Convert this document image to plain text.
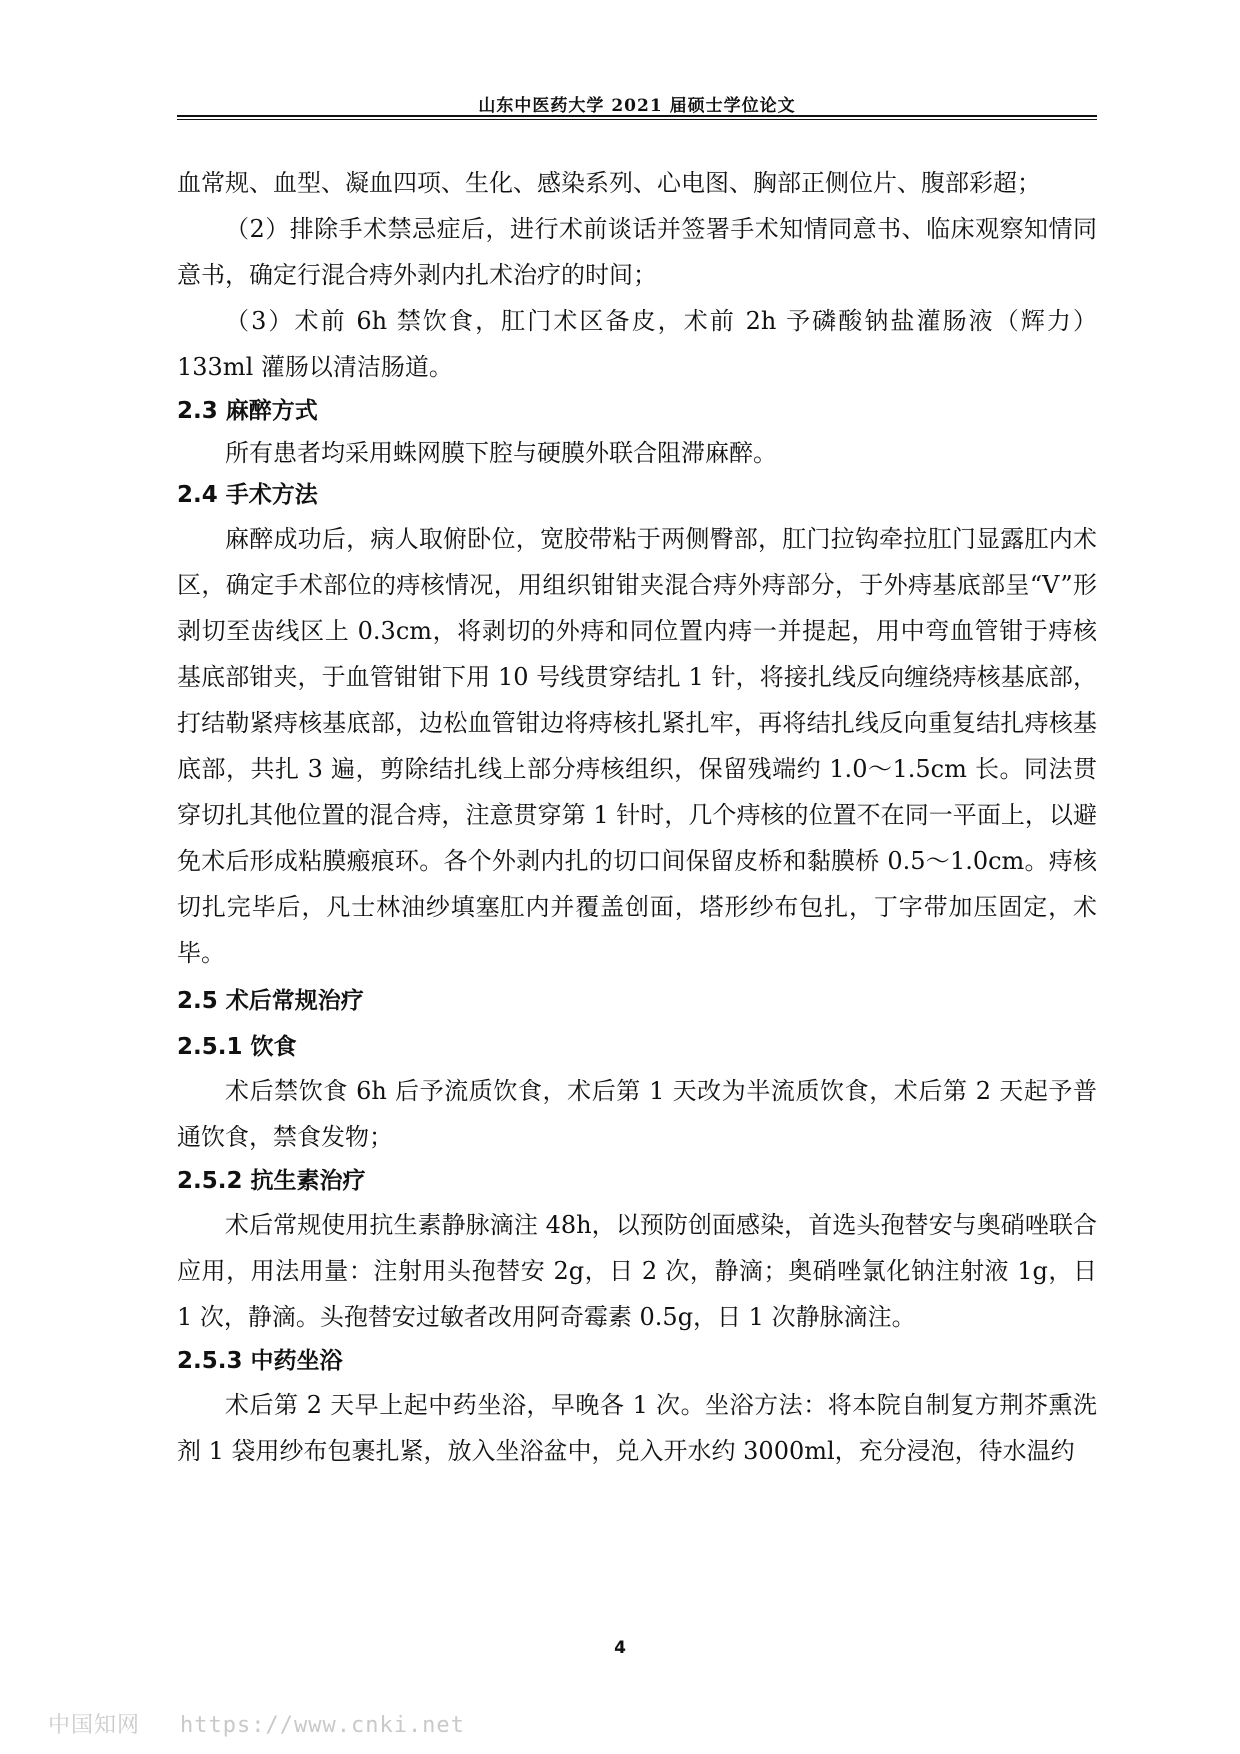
山东中医药大学 2021 届硕士学位论文

血常规、血型、凝血四项、生化、感染系列、心电图、胸部正侧位片、腹部彩超；

（2）排除手术禁忌症后，进行术前谈话并签署手术知情同意书、临床观察知情同意书，确定行混合痔外剥内扎术治疗的时间；

（3）术前 6h 禁饮食，肛门术区备皮，术前 2h 予磷酸钠盐灌肠液（辉力）133ml 灌肠以清洁肠道。

2.3 麻醉方式

所有患者均采用蛛网膜下腔与硬膜外联合阻滞麻醉。

2.4 手术方法

麻醉成功后，病人取俯卧位，宽胶带粘于两侧臀部，肛门拉钩牵拉肛门显露肛内术区，确定手术部位的痔核情况，用组织钳钳夹混合痔外痔部分，于外痔基底部呈“V”形剥切至齿线区上 0.3cm，将剥切的外痔和同位置内痔一并提起，用中弯血管钳于痔核基底部钳夹，于血管钳钳下用 10 号线贯穿结扎 1 针，将接扎线反向缠绕痔核基底部，打结勒紧痔核基底部，边松血管钳边将痔核扎紧扎牢，再将结扎线反向重复结扎痔核基底部，共扎 3 遍，剪除结扎线上部分痔核组织，保留残端约 1.0～1.5cm 长。同法贯穿切扎其他位置的混合痔，注意贯穿第 1 针时，几个痔核的位置不在同一平面上，以避免术后形成粘膜瘢痕环。各个外剥内扎的切口间保留皮桥和黏膜桥 0.5～1.0cm。痔核切扎完毕后，凡士林油纱填塞肛内并覆盖创面，塔形纱布包扎，丁字带加压固定，术毕。

2.5 术后常规治疗

2.5.1 饮食

术后禁饮食 6h 后予流质饮食，术后第 1 天改为半流质饮食，术后第 2 天起予普通饮食，禁食发物；

2.5.2 抗生素治疗

术后常规使用抗生素静脉滴注 48h，以预防创面感染，首选头孢替安与奥硝唑联合应用，用法用量：注射用头孢替安 2g，日 2 次，静滴；奥硝唑氯化钠注射液 1g，日 1 次，静滴。头孢替安过敏者改用阿奇霉素 0.5g，日 1 次静脉滴注。

2.5.3 中药坐浴

术后第 2 天早上起中药坐浴，早晚各 1 次。坐浴方法：将本院自制复方荆芥熏洗剂 1 袋用纱布包裹扎紧，放入坐浴盆中，兑入开水约 3000ml，充分浸泡，待水温约

4
中国知网 https://www.cnki.net
